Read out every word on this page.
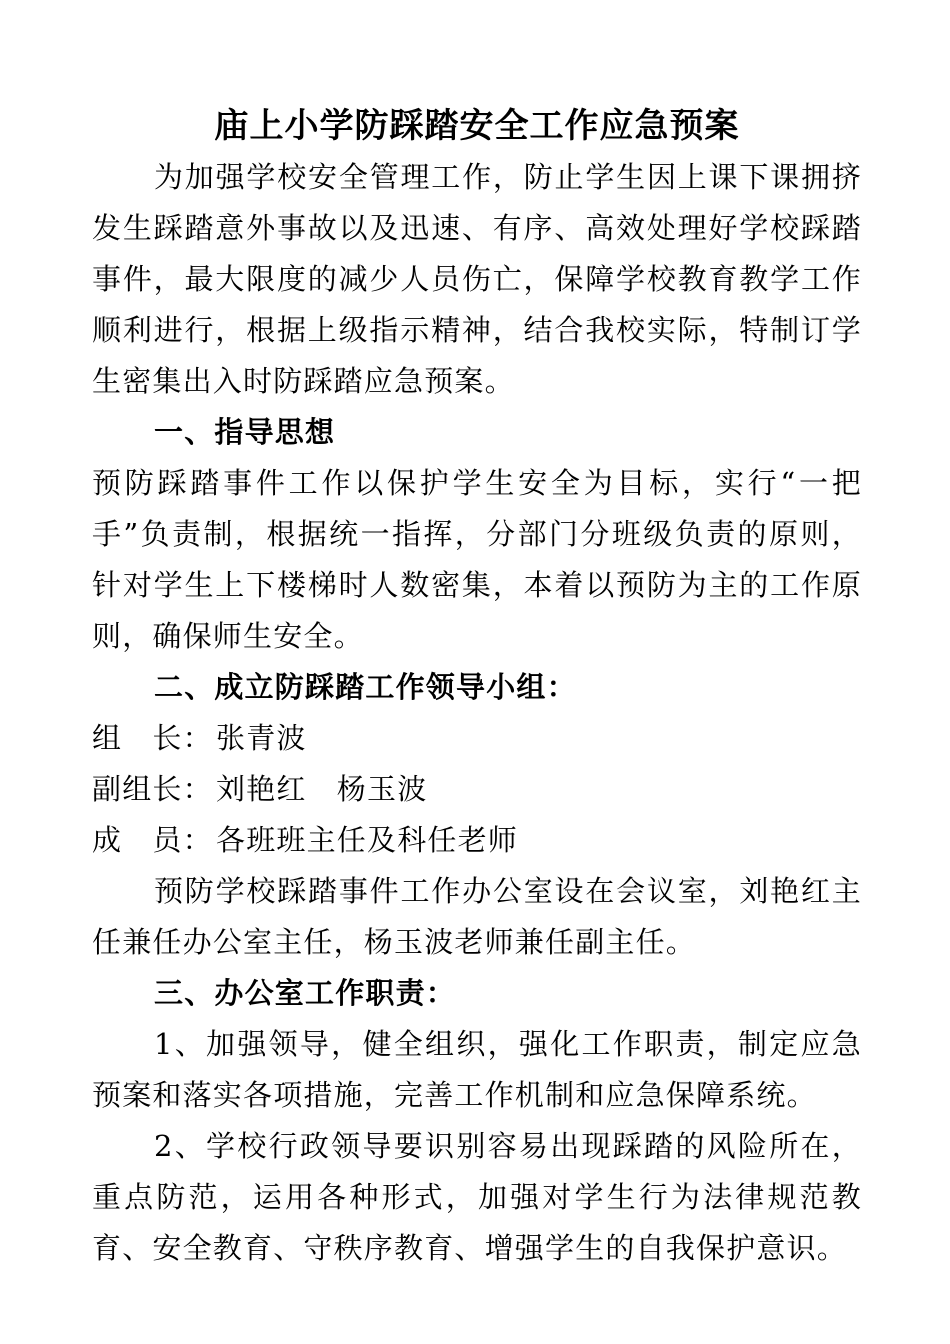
庙上小学防踩踏安全工作应急预案

为加强学校安全管理工作，防止学生因上课下课拥挤发生踩踏意外事故以及迅速、有序、高效处理好学校踩踏事件，最大限度的减少人员伤亡，保障学校教育教学工作顺利进行，根据上级指示精神，结合我校实际，特制订学生密集出入时防踩踏应急预案。

一、指导思想

预防踩踏事件工作以保护学生安全为目标，实行“一把手”负责制，根据统一指挥，分部门分班级负责的原则，针对学生上下楼梯时人数密集，本着以预防为主的工作原则，确保师生安全。

二、成立防踩踏工作领导小组：

组　长： 张青波
副组长： 刘艳红　杨玉波
成　员： 各班班主任及科任老师

预防学校踩踏事件工作办公室设在会议室，刘艳红主任兼任办公室主任，杨玉波老师兼任副主任。

三、办公室工作职责：

1、加强领导，健全组织，强化工作职责，制定应急预案和落实各项措施，完善工作机制和应急保障系统。

2、学校行政领导要识别容易出现踩踏的风险所在，重点防范，运用各种形式，加强对学生行为法律规范教育、安全教育、守秩序教育、增强学生的自我保护意识。
